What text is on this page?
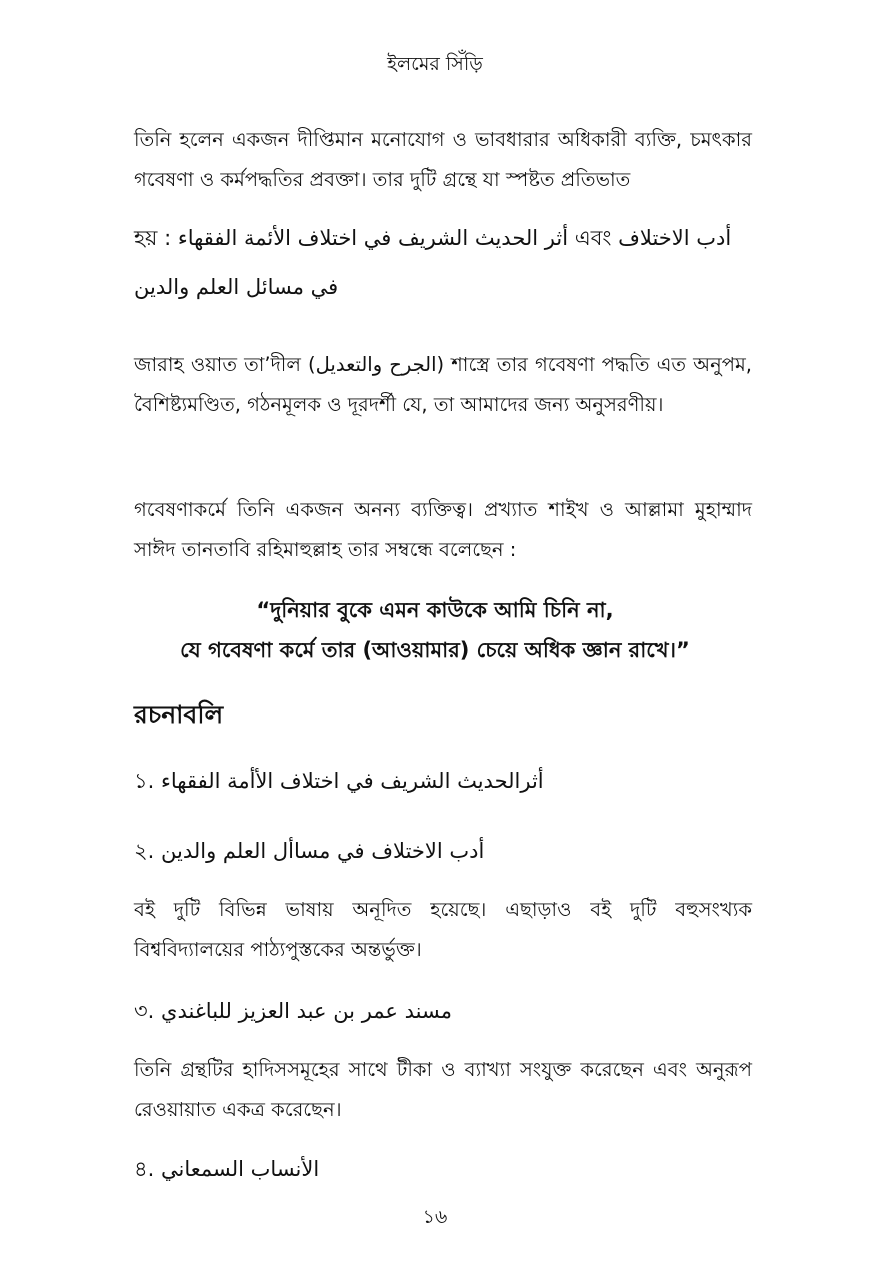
ইলমের সিঁড়ি

তিনি হলেন একজন দীপ্তিমান মনোযোগ ও ভাবধারার অধিকারী ব্যক্তি, চমৎকার গবেষণা ও কর্মপদ্ধতির প্রবক্তা। তার দুটি গ্রন্থে যা স্পষ্টত প্রতিভাত

হয় : أثر الحديث الشريف في اختلاف الأئمة الفقهاء এবং أدب الاختلاف
في مسائل العلم والدين

জারাহ ওয়াত তা’দীল (الجرح والتعديل) শাস্ত্রে তার গবেষণা পদ্ধতি এত অনুপম, বৈশিষ্ট্যমণ্ডিত, গঠনমূলক ও দূরদর্শী যে, তা আমাদের জন্য অনুসরণীয়।

গবেষণাকর্মে তিনি একজন অনন্য ব্যক্তিত্ব। প্রখ্যাত শাইখ ও আল্লামা মুহাম্মাদ সাঈদ তানতাবি রহিমাহুল্লাহ তার সম্বন্ধে বলেছেন :

“দুনিয়ার বুকে এমন কাউকে আমি চিনি না,
যে গবেষণা কর্মে তার (আওয়ামার) চেয়ে অধিক জ্ঞান রাখে।”
রচনাবলি
১. أثرالحديث الشريف في اختلاف الأأمة الفقهاء
২. أدب الاختلاف في مساأل العلم والدين

বই দুটি বিভিন্ন ভাষায় অনূদিত হয়েছে। এছাড়াও বই দুটি বহুসংখ্যক বিশ্ববিদ্যালয়ের পাঠ্যপুস্তকের অন্তর্ভুক্ত।

৩. مسند عمر بن عبد العزيز للباغندي

তিনি গ্রন্থটির হাদিসসমূহের সাথে টীকা ও ব্যাখ্যা সংযুক্ত করেছেন এবং অনুরূপ রেওয়ায়াত একত্র করেছেন।

৪. الأنساب السمعاني
১৬
